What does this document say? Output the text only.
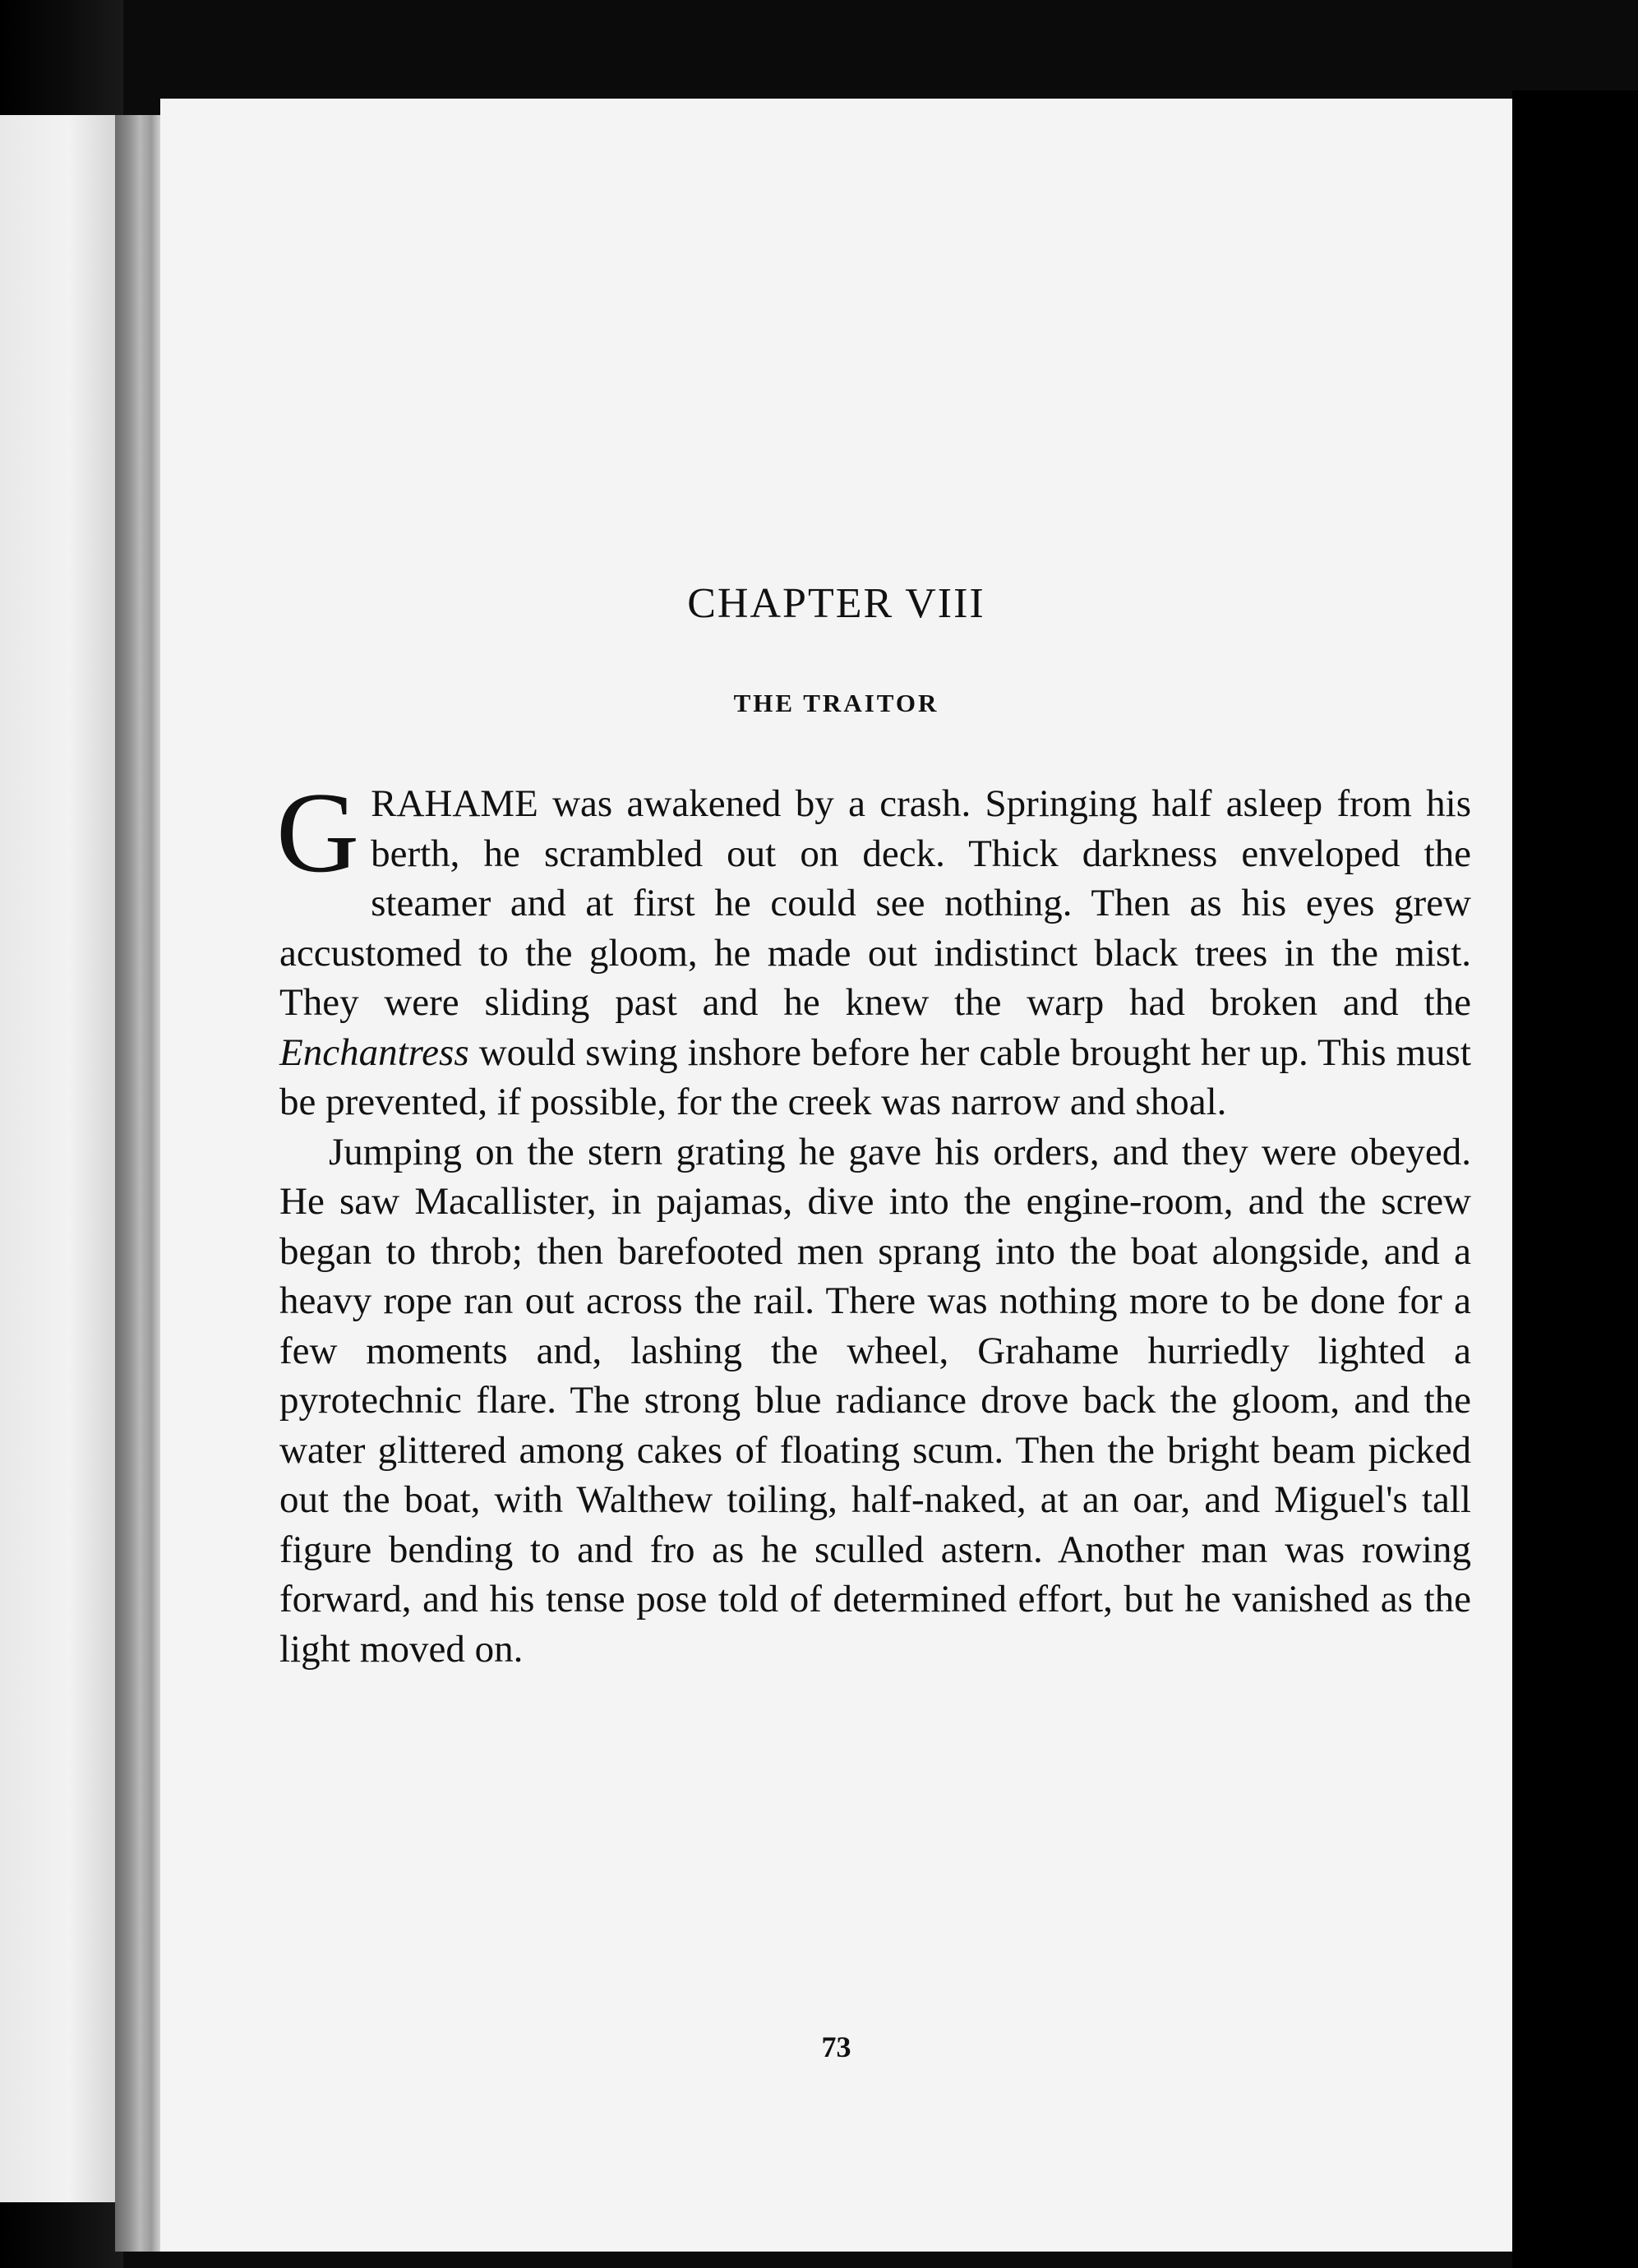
CHAPTER VIII
THE TRAITOR

GRAHAME was awakened by a crash. Springing half asleep from his berth, he scrambled out on deck. Thick darkness enveloped the steamer and at first he could see nothing. Then as his eyes grew accustomed to the gloom, he made out indistinct black trees in the mist. They were sliding past and he knew the warp had broken and the Enchantress would swing inshore before her cable brought her up. This must be prevented, if possible, for the creek was narrow and shoal.

Jumping on the stern grating he gave his orders, and they were obeyed. He saw Macallister, in pajamas, dive into the engine-room, and the screw began to throb; then barefooted men sprang into the boat alongside, and a heavy rope ran out across the rail. There was nothing more to be done for a few moments and, lashing the wheel, Grahame hurriedly lighted a pyrotechnic flare. The strong blue radiance drove back the gloom, and the water glittered among cakes of floating scum. Then the bright beam picked out the boat, with Walthew toiling, half-naked, at an oar, and Miguel's tall figure bending to and fro as he sculled astern. Another man was rowing forward, and his tense pose told of determined effort, but he vanished as the light moved on.

73
